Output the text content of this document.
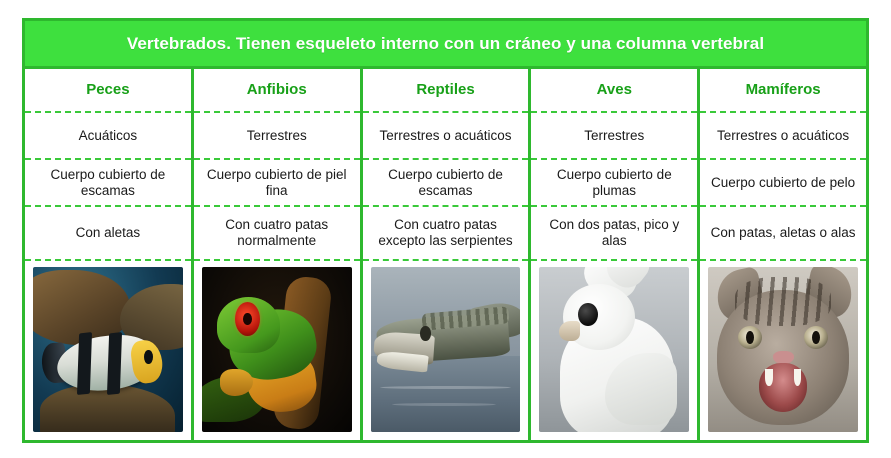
Vertebrados. Tienen esqueleto interno con un cráneo y una columna vertebral
Peces
Acuáticos
Cuerpo cubierto de escamas
Con aletas
Anfibios
Terrestres
Cuerpo cubierto de piel fina
Con cuatro patas normalmente
Reptiles
Terrestres o acuáticos
Cuerpo cubierto de escamas
Con cuatro patas excepto las serpientes
Aves
Terrestres
Cuerpo cubierto de plumas
Con dos patas, pico y alas
Mamíferos
Terrestres o acuáticos
Cuerpo cubierto de pelo
Con patas, aletas o alas
